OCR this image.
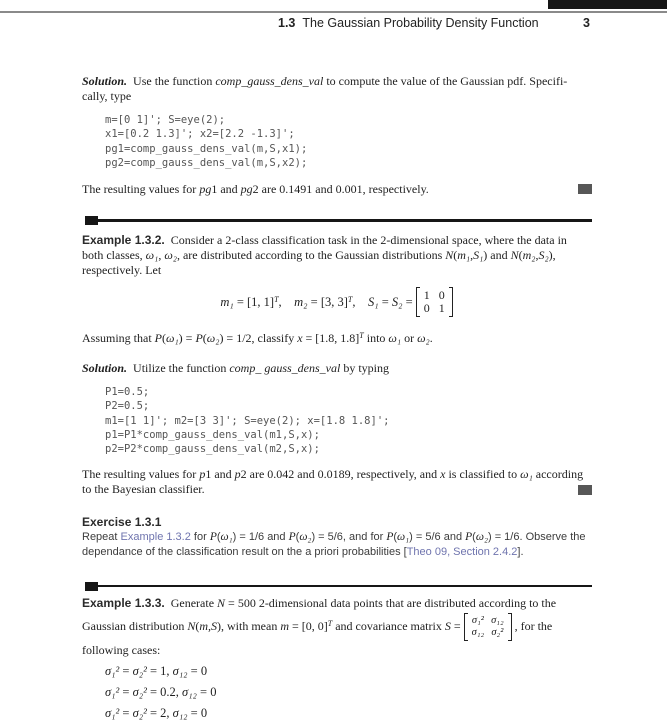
1.3 The Gaussian Probability Density Function	3
Solution.  Use the function comp_gauss_dens_val to compute the value of the Gaussian pdf. Specifi-
cally, type
m=[0 1]'; S=eye(2);
x1=[0.2 1.3]'; x2=[2.2 -1.3]';
pg1=comp_gauss_dens_val(m,S,x1);
pg2=comp_gauss_dens_val(m,S,x2);
The resulting values for pg1 and pg2 are 0.1491 and 0.001, respectively.
Example 1.3.2.  Consider a 2-class classification task in the 2-dimensional space, where the data in
both classes, ω₁, ω₂, are distributed according to the Gaussian distributions N(m₁,S₁) and N(m₂,S₂),
respectively. Let
m₁ = [1, 1]$^T$,  m₂ = [3, 3]$^T$,  S₁ = S₂ = 1 0
0 1
Assuming that P(ω₁) = P(ω₂) = 1/2, classify x = [1.8, 1.8]$^T$ into ω₁ or ω₂.
Solution.  Utilize the function comp_ gauss_dens_val by typing
P1=0.5;
P2=0.5;
m1=[1 1]'; m2=[3 3]'; S=eye(2); x=[1.8 1.8]';
p1=P1*comp_gauss_dens_val(m1,S,x);
p2=P2*comp_gauss_dens_val(m2,S,x);
The resulting values for p1 and p2 are 0.042 and 0.0189, respectively, and x is classified to ω₁ according
to the Bayesian classifier.
Exercise 1.3.1
Repeat Example 1.3.2 for P(ω₁) = 1/6 and P(ω₂) = 5/6, and for P(ω₁) = 5/6 and P(ω₂) = 1/6. Observe the
dependance of the classification result on the a priori probabilities [Theo 09, Section 2.4.2].
Example 1.3.3.  Generate N = 500 2-dimensional data points that are distributed according to the
Gaussian distribution N(m,S), with mean m = [0, 0]$^T$ and covariance matrix S = σ₁² σ₁₂
σ₁₂ σ₂² , for the
following cases:
σ₁² = σ₂² = 1, σ₁₂ = 0
σ₁² = σ₂² = 0.2, σ₁₂ = 0
σ₁² = σ₂² = 2, σ₁₂ = 0
